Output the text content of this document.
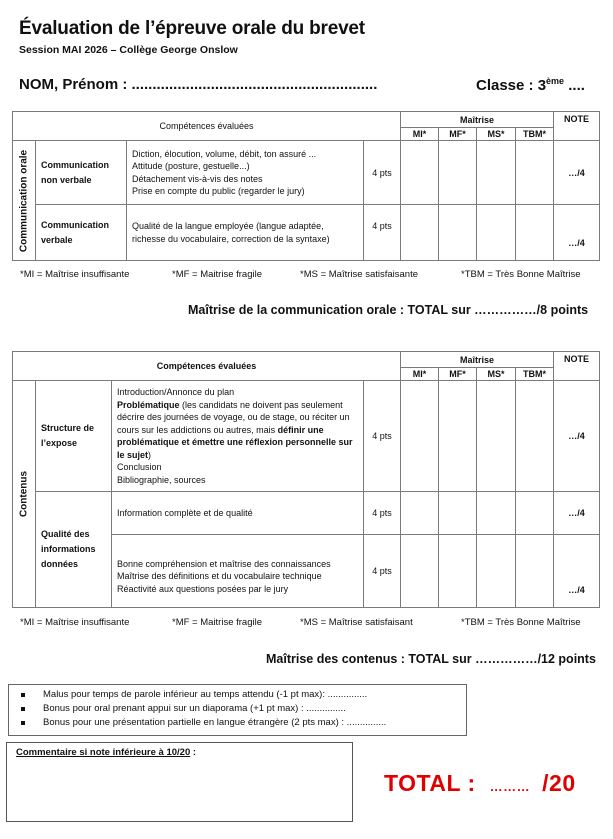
Évaluation de l’épreuve orale du brevet
Session MAI 2026 – Collège George Onslow
NOM, Prénom : ...........................................................	Classe : 3ème ....
Compétences évaluées				Maîtrise				NOTE
				MI*	MF*	MS*	TBM*	

Communication orale	Communication non verbale	Diction, élocution, volume, débit, ton assuré ...
Attitude (posture, gestuelle...)
Détachement vis-à-vis des notes
Prise en compte du public (regarder le jury)	4 pts					…/4
	Communication verbale	Qualité de la langue employée (langue adaptée,
richesse du vocabulaire, correction de la syntaxe)	4 pts					…/4
*MI = Maîtrise insuffisante	*MF = Maitrise fragile	*MS = Maîtrise satisfaisante	*TBM = Très Bonne Maîtrise
Maîtrise de la communication orale : TOTAL sur ……………/8 points
Compétences évaluées				Maîtrise				NOTE
				MI*	MF*	MS*	TBM*	

Contenus	Structure de l’expose	Introduction/Annonce du plan
Problématique (les candidats ne doivent pas seulement décrire des journées de voyage, ou de stage, ou réciter un cours sur les addictions ou autres, mais définir une problématique et émettre une réflexion personnelle sur le sujet)
Conclusion
Bibliographie, sources	4 pts					…/4
	Qualité des informations données	Information complète et de qualité	4 pts					…/4

		Bonne compréhension et maîtrise des connaissances
Maîtrise des définitions et du vocabulaire technique
Réactivité aux questions posées par le jury	4 pts					…/4
*MI = Maîtrise insuffisante	*MF = Maitrise fragile	*MS = Maîtrise satisfaisant	*TBM = Très Bonne Maîtrise
Maîtrise des contenus : TOTAL sur ……………/12 points
Malus pour temps de parole inférieur au temps attendu (-1 pt max): ...............
Bonus pour oral prenant appui sur un diaporama (+1 pt max) : ...............
Bonus pour une présentation partielle en langue étrangère (2 pts max) : ...............
Commentaire si note inférieure à 10/20 :
TOTAL : ……… /20
